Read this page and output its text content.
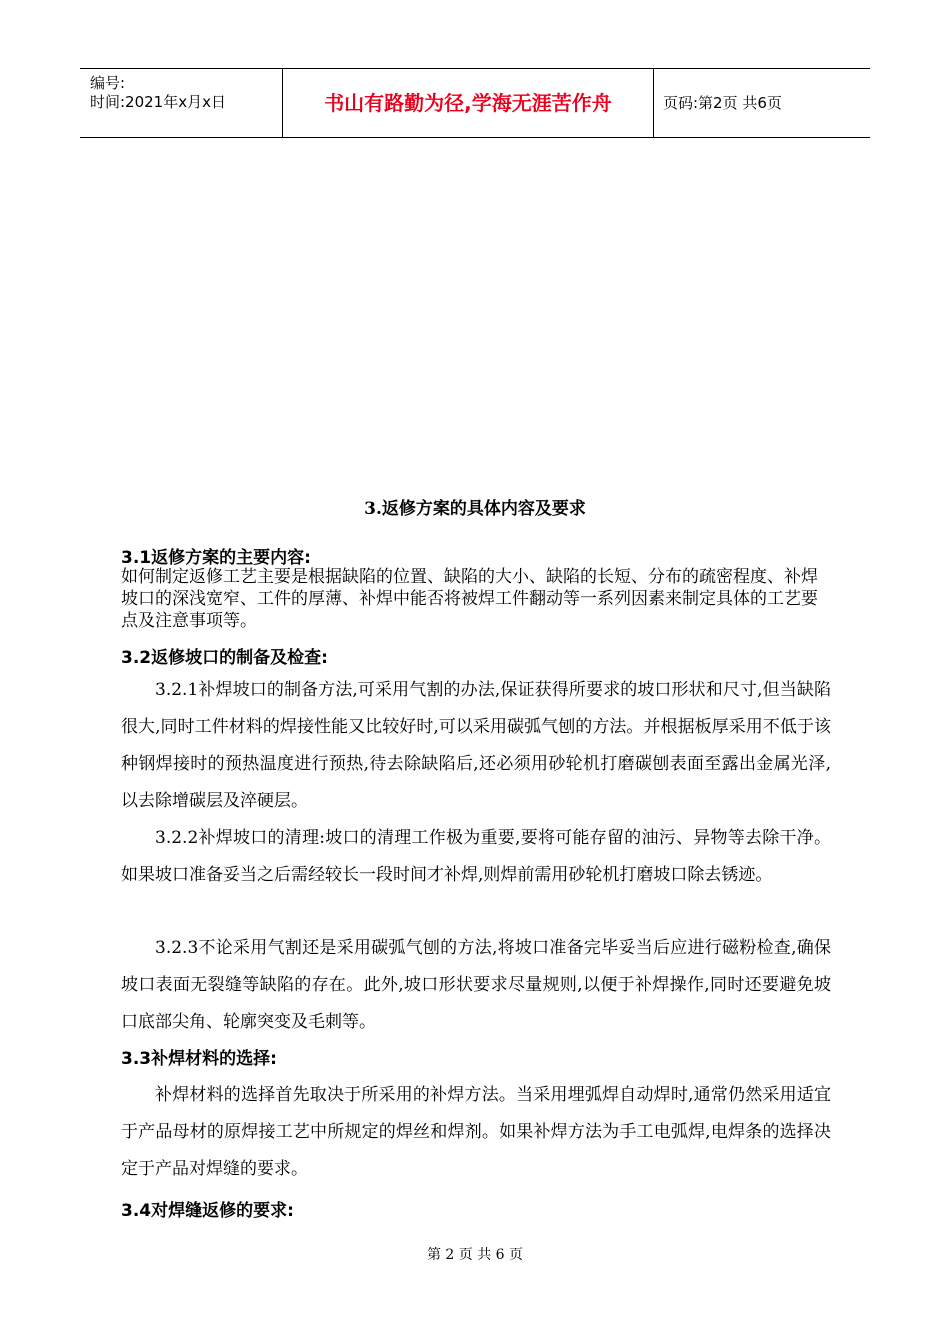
编号:
时间:2021年x月x日	书山有路勤为径,学海无涯苦作舟	页码:第2页 共6页
3.返修方案的具体内容及要求
3.1返修方案的主要内容:
如何制定返修工艺主要是根据缺陷的位置、缺陷的大小、缺陷的长短、分布的疏密程度、补焊坡口的深浅宽窄、工件的厚薄、补焊中能否将被焊工件翻动等一系列因素来制定具体的工艺要点及注意事项等。
3.2返修坡口的制备及检查:
3.2.1补焊坡口的制备方法,可采用气割的办法,保证获得所要求的坡口形状和尺寸,但当缺陷很大,同时工件材料的焊接性能又比较好时,可以采用碳弧气刨的方法。并根据板厚采用不低于该种钢焊接时的预热温度进行预热,待去除缺陷后,还必须用砂轮机打磨碳刨表面至露出金属光泽,以去除增碳层及淬硬层。
3.2.2补焊坡口的清理:坡口的清理工作极为重要,要将可能存留的油污、异物等去除干净。如果坡口准备妥当之后需经较长一段时间才补焊,则焊前需用砂轮机打磨坡口除去锈迹。
3.2.3不论采用气割还是采用碳弧气刨的方法,将坡口准备完毕妥当后应进行磁粉检查,确保坡口表面无裂缝等缺陷的存在。此外,坡口形状要求尽量规则,以便于补焊操作,同时还要避免坡口底部尖角、轮廓突变及毛刺等。
3.3补焊材料的选择:
补焊材料的选择首先取决于所采用的补焊方法。当采用埋弧焊自动焊时,通常仍然采用适宜于产品母材的原焊接工艺中所规定的焊丝和焊剂。如果补焊方法为手工电弧焊,电焊条的选择决定于产品对焊缝的要求。
3.4对焊缝返修的要求:
第 2 页 共 6 页
